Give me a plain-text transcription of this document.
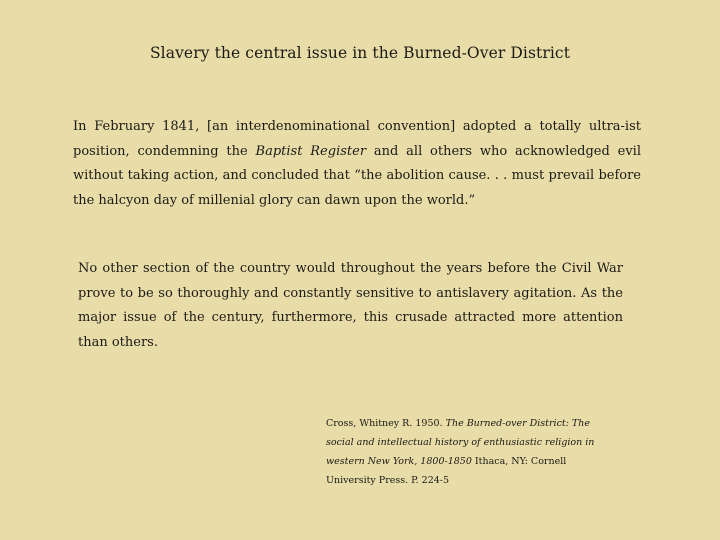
Slavery the central issue in the Burned-Over District
In February 1841, [an interdenominational convention] adopted a totally ultra-ist position, condemning the Baptist Register and all others who acknowledged evil without taking action, and concluded that “the abolition cause. . . must prevail before the halcyon day of millenial glory can dawn upon the world.”
No other section of the country would throughout the years before the Civil War prove to be so thoroughly and constantly sensitive to antislavery agitation. As the major issue of the century, furthermore, this crusade attracted more attention than others.
Cross, Whitney R. 1950. The Burned-over District: The social and intellectual history of enthusiastic religion in western New York, 1800-1850 Ithaca, NY: Cornell University Press. P. 224-5
